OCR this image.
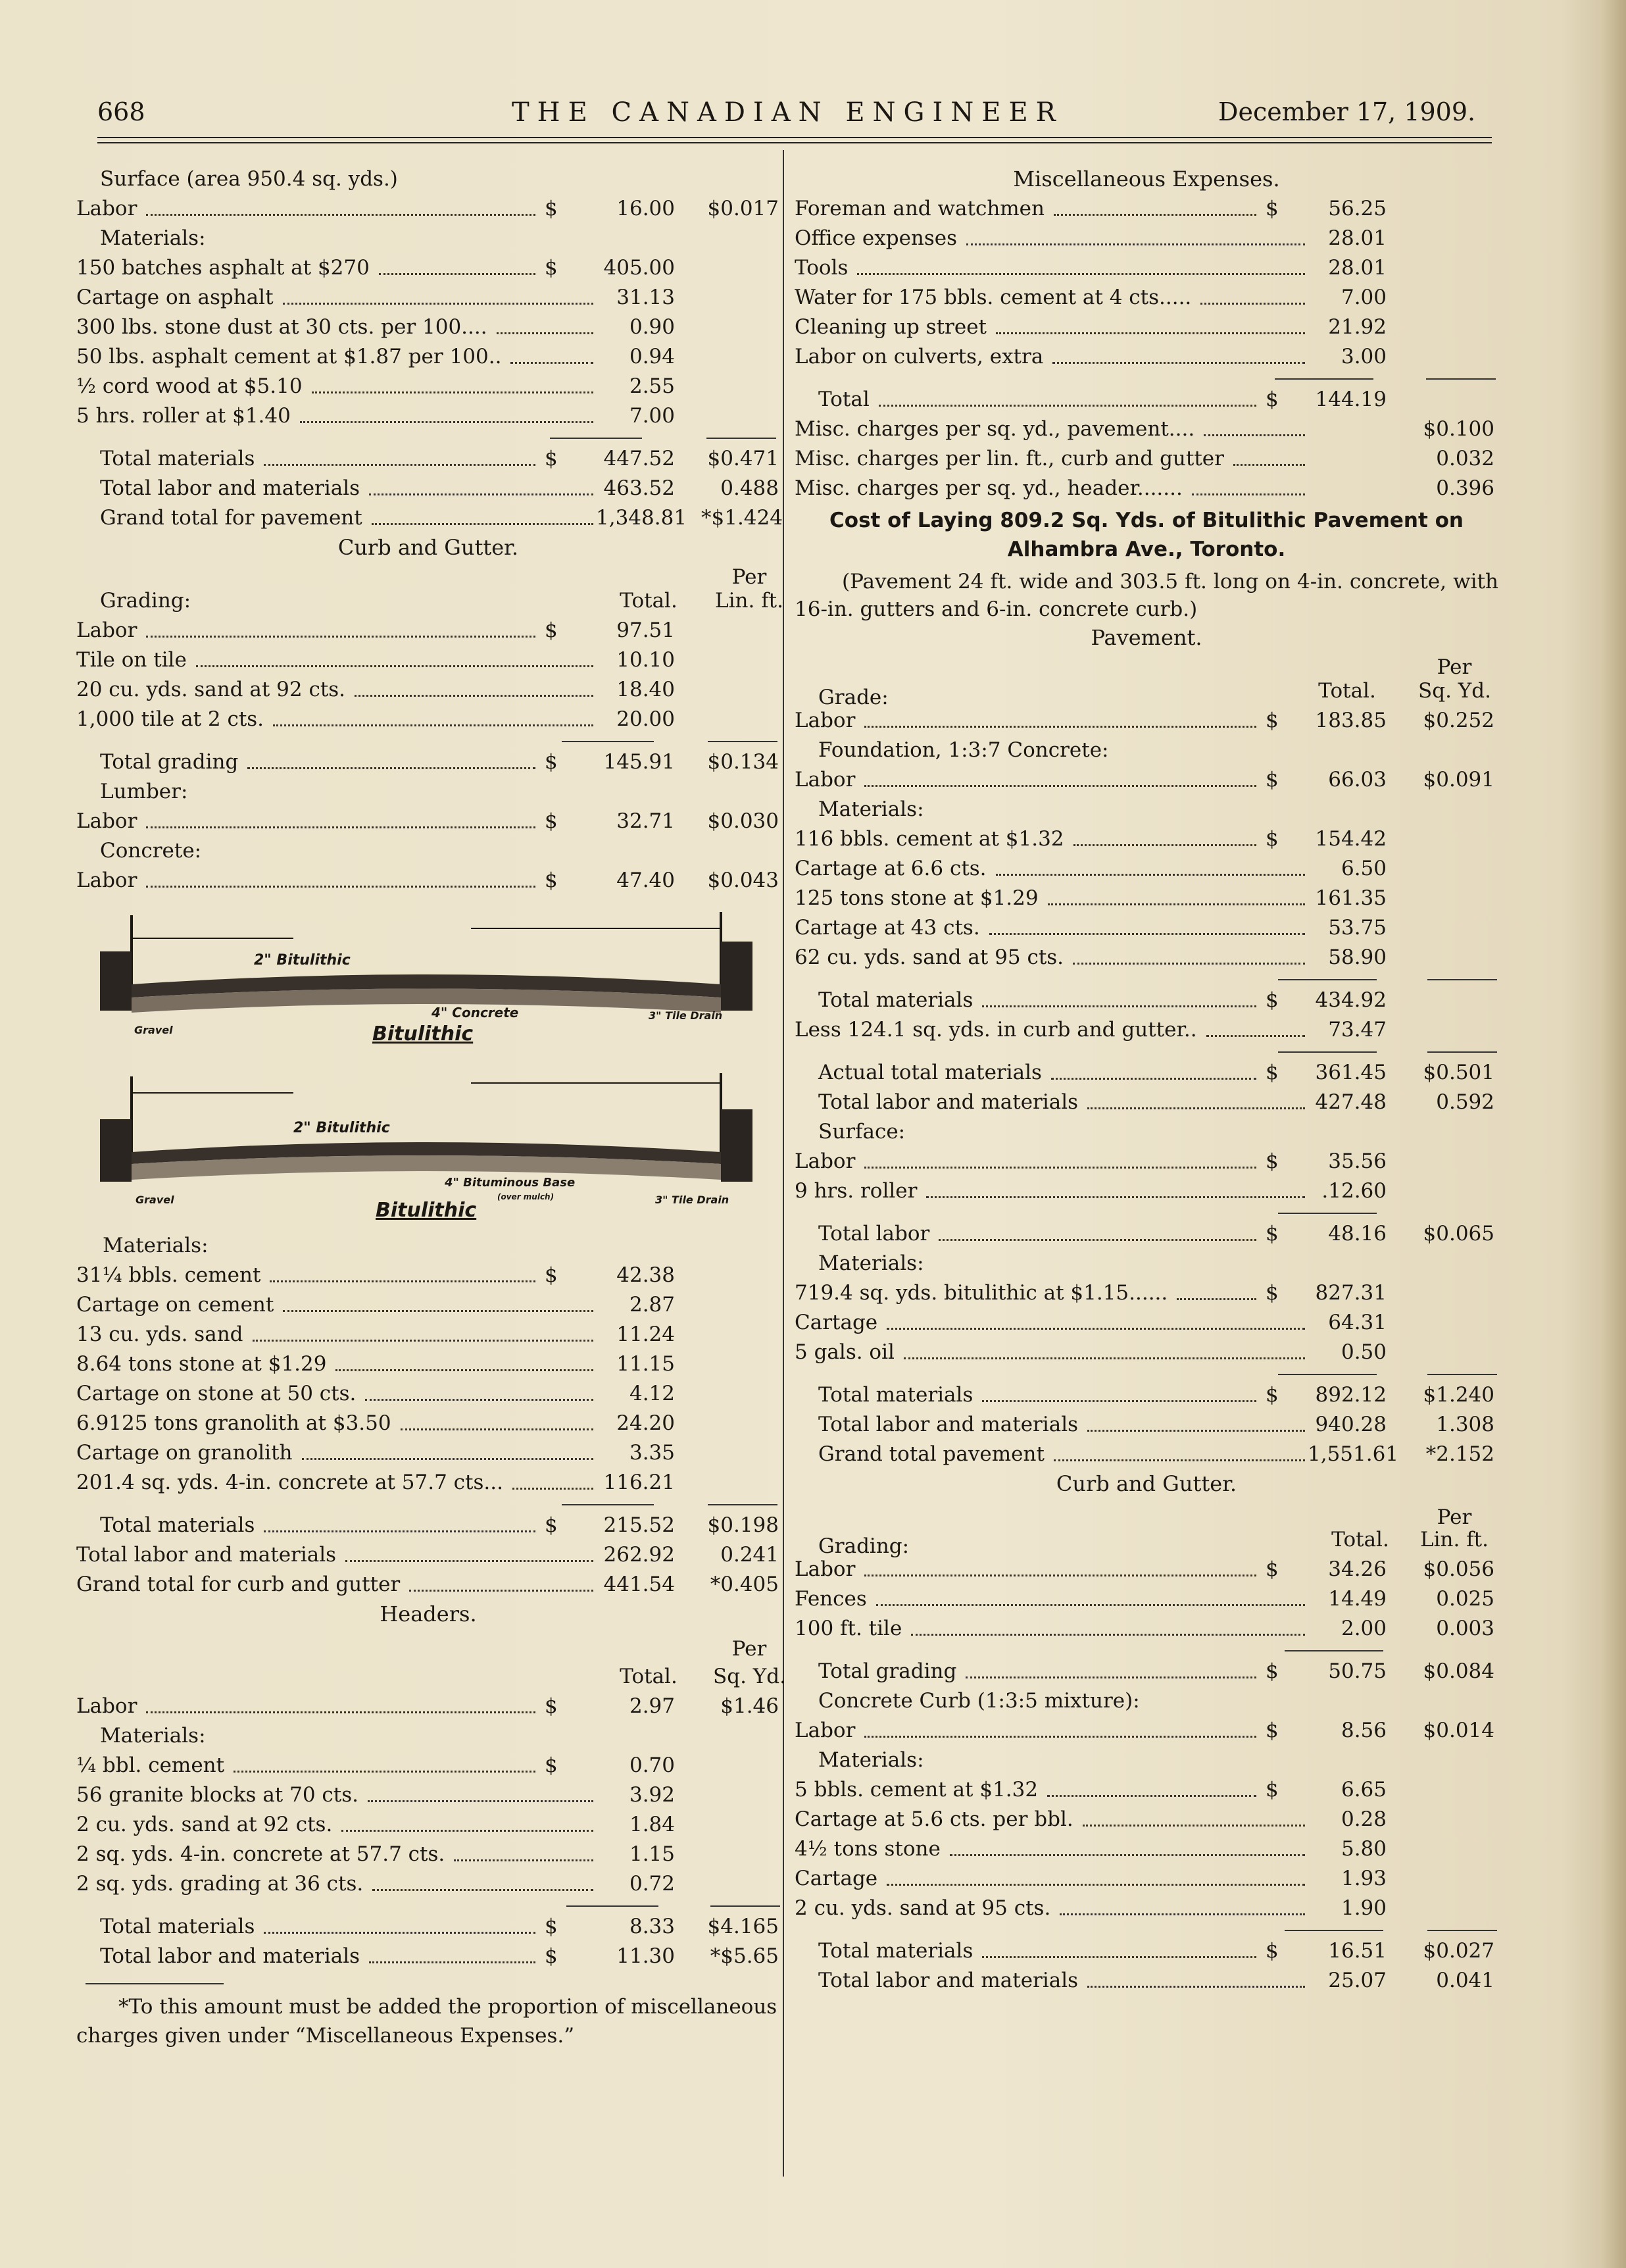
668	THE CANADIAN ENGINEER	December 17, 1909.
Surface (area 950.4 sq. yds.)
Labor	$	16.00	$0.017
Materials:
150 batches asphalt at $270	$	405.00
Cartage on asphalt	31.13
300 lbs. stone dust at 30 cts. per 100....	0.90
50 lbs. asphalt cement at $1.87 per 100..	0.94
½ cord wood at $5.10	2.55
5 hrs. roller at $1.40	7.00
Total materials	$	447.52	$0.471
Total labor and materials	463.52	0.488
Grand total for pavement	1,348.81 *$1.424
Curb and Gutter.
Per
Grading:	Total.	Lin. ft.
Labor	$	97.51
Tile on tile	10.10
20 cu. yds. sand at 92 cts.	18.40
1,000 tile at 2 cts.	20.00
Total grading	$	145.91	$0.134
Lumber:
Labor	$	32.71	$0.030
Concrete:
Labor	$	47.40	$0.043
2" Bitulithic
4" Concrete
Gravel
3" Tile Drain
Bitulithic
2" Bitulithic
4" Bituminous Base
(over mulch)
Gravel	3" Tile Drain
Bitulithic
Materials:
31¼ bbls. cement	$	42.38
Cartage on cement	2.87
13 cu. yds. sand	11.24
8.64 tons stone at $1.29	11.15
Cartage on stone at 50 cts.	4.12
6.9125 tons granolith at $3.50	24.20
Cartage on granolith	3.35
201.4 sq. yds. 4-in. concrete at 57.7 cts...	116.21
Total materials	$	215.52	$0.198
Total labor and materials	262.92	0.241
Grand total for curb and gutter	441.54	*0.405
Headers.
Per
Total.	Sq. Yd.
Labor	$	2.97	$1.46
Materials:
¼ bbl. cement	$	0.70
56 granite blocks at 70 cts.	3.92
2 cu. yds. sand at 92 cts.	1.84
2 sq. yds. 4-in. concrete at 57.7 cts.	1.15
2 sq. yds. grading at 36 cts.	0.72
Total materials	$	8.33	$4.165
Total labor and materials	$	11.30	*$5.65
*To this amount must be added the proportion of miscellaneous charges given under “Miscellaneous Expenses.”
Miscellaneous Expenses.
Foreman and watchmen	$	56.25
Office expenses	28.01
Tools	28.01
Water for 175 bbls. cement at 4 cts.....	7.00
Cleaning up street	21.92
Labor on culverts, extra	3.00
Total	$	144.19
Misc. charges per sq. yd., pavement....	$0.100
Misc. charges per lin. ft., curb and gutter	0.032
Misc. charges per sq. yd., header.......	0.396
Cost of Laying 809.2 Sq. Yds. of Bitulithic Pavement on Alhambra Ave., Toronto.
(Pavement 24 ft. wide and 303.5 ft. long on 4-in. concrete, with 16-in. gutters and 6-in. concrete curb.)
Pavement.
Per
Grade:	Total.	Sq. Yd.
Labor	$	183.85	$0.252
Foundation, 1:3:7 Concrete:
Labor	$	66.03	$0.091
Materials:
116 bbls. cement at $1.32	$	154.42
Cartage at 6.6 cts.	6.50
125 tons stone at $1.29	161.35
Cartage at 43 cts.	53.75
62 cu. yds. sand at 95 cts.	58.90
Total materials	$	434.92
Less 124.1 sq. yds. in curb and gutter..	73.47
Actual total materials	$	361.45	$0.501
Total labor and materials	427.48	0.592
Surface:
Labor	$	35.56
9 hrs. roller	.12.60
Total labor	$	48.16	$0.065
Materials:
719.4 sq. yds. bitulithic at $1.15......	$	827.31
Cartage	64.31
5 gals. oil	0.50
Total materials	$	892.12	$1.240
Total labor and materials	940.28	1.308
Grand total pavement	1,551.61	*2.152
Curb and Gutter.
Per
Grading:	Total.	Lin. ft.
Labor	$	34.26	$0.056
Fences	14.49	0.025
100 ft. tile	2.00	0.003
Total grading	$	50.75	$0.084
Concrete Curb (1:3:5 mixture):
Labor	$	8.56	$0.014
Materials:
5 bbls. cement at $1.32	$	6.65
Cartage at 5.6 cts. per bbl.	0.28
4½ tons stone	5.80
Cartage	1.93
2 cu. yds. sand at 95 cts.	1.90
Total materials	$	16.51	$0.027
Total labor and materials	25.07	0.041
